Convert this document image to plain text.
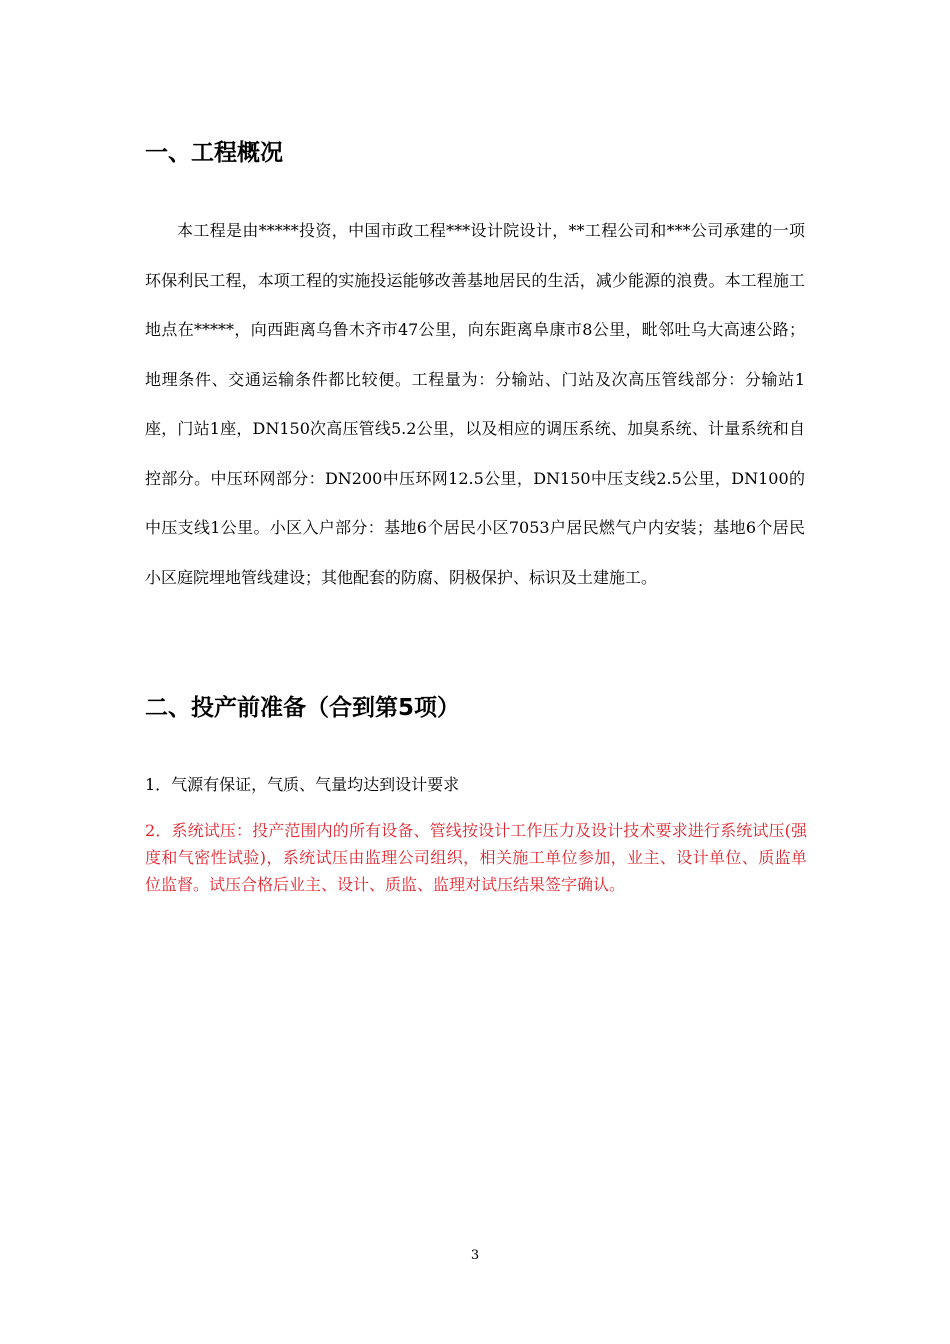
一、工程概况

本工程是由*****投资，中国市政工程***设计院设计，**工程公司和***公司承建的一项环保利民工程，本项工程的实施投运能够改善基地居民的生活，减少能源的浪费。本工程施工地点在*****，向西距离乌鲁木齐市47公里，向东距离阜康市8公里，毗邻吐乌大高速公路；地理条件、交通运输条件都比较便。工程量为：分输站、门站及次高压管线部分：分输站1座，门站1座，DN150次高压管线5.2公里，以及相应的调压系统、加臭系统、计量系统和自控部分。中压环网部分：DN200中压环网12.5公里，DN150中压支线2.5公里，DN100的中压支线1公里。小区入户部分：基地6个居民小区7053户居民燃气户内安装；基地6个居民小区庭院埋地管线建设；其他配套的防腐、阴极保护、标识及土建施工。

二、投产前准备（合到第5项）

1．气源有保证，气质、气量均达到设计要求

2．系统试压：投产范围内的所有设备、管线按设计工作压力及设计技术要求进行系统试压(强度和气密性试验)，系统试压由监理公司组织，相关施工单位参加，业主、设计单位、质监单位监督。试压合格后业主、设计、质监、监理对试压结果签字确认。

3
